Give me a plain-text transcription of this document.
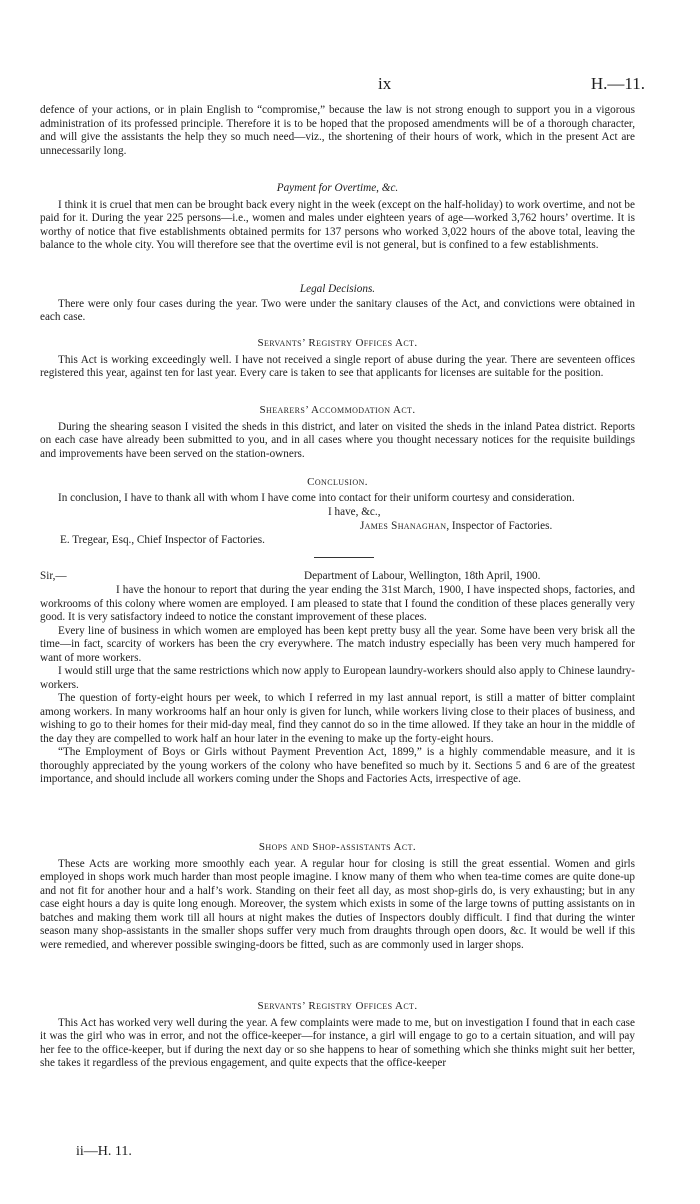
ix	H.—11.

defence of your actions, or in plain English to “compromise,” because the law is not strong enough to support you in a vigorous administration of its professed principle. Therefore it is to be hoped that the proposed amendments will be of a thorough character, and will give the assistants the help they so much need—viz., the shortening of their hours of work, which in the present Act are unnecessarily long.

Payment for Overtime, &c.

I think it is cruel that men can be brought back every night in the week (except on the half-holiday) to work overtime, and not be paid for it. During the year 225 persons—i.e., women and males under eighteen years of age—worked 3,762 hours’ overtime. It is worthy of notice that five establishments obtained permits for 137 persons who worked 3,022 hours of the above total, leaving the balance to the whole city. You will therefore see that the overtime evil is not general, but is confined to a few establishments.

Legal Decisions.

There were only four cases during the year. Two were under the sanitary clauses of the Act, and convictions were obtained in each case.

Servants’ Registry Offices Act.

This Act is working exceedingly well. I have not received a single report of abuse during the year. There are seventeen offices registered this year, against ten for last year. Every care is taken to see that applicants for licenses are suitable for the position.

Shearers’ Accommodation Act.

During the shearing season I visited the sheds in this district, and later on visited the sheds in the inland Patea district. Reports on each case have already been submitted to you, and in all cases where you thought necessary notices for the requisite buildings and improvements have been served on the station-owners.

Conclusion.

In conclusion, I have to thank all with whom I have come into contact for their uniform courtesy and consideration.

I have, &c.,

James Shanaghan, Inspector of Factories.

E. Tregear, Esq., Chief Inspector of Factories.

Sir,—	Department of Labour, Wellington, 18th April, 1900.

I have the honour to report that during the year ending the 31st March, 1900, I have inspected shops, factories, and workrooms of this colony where women are employed. I am pleased to state that I found the condition of these places generally very good. It is very satisfactory indeed to notice the constant improvement of these places.

Every line of business in which women are employed has been kept pretty busy all the year. Some have been very brisk all the time—in fact, scarcity of workers has been the cry everywhere. The match industry especially has been very much hampered for want of more workers.

I would still urge that the same restrictions which now apply to European laundry-workers should also apply to Chinese laundry-workers.

The question of forty-eight hours per week, to which I referred in my last annual report, is still a matter of bitter complaint among workers. In many workrooms half an hour only is given for lunch, while workers living close to their places of business, and wishing to go to their homes for their mid-day meal, find they cannot do so in the time allowed. If they take an hour in the middle of the day they are compelled to work half an hour later in the evening to make up the forty-eight hours.

“The Employment of Boys or Girls without Payment Prevention Act, 1899,” is a highly commendable measure, and it is thoroughly appreciated by the young workers of the colony who have benefited so much by it. Sections 5 and 6 are of the greatest importance, and should include all workers coming under the Shops and Factories Acts, irrespective of age.

Shops and Shop-assistants Act.

These Acts are working more smoothly each year. A regular hour for closing is still the great essential. Women and girls employed in shops work much harder than most people imagine. I know many of them who when tea-time comes are quite done-up and not fit for another hour and a half’s work. Standing on their feet all day, as most shop-girls do, is very exhausting; but in any case eight hours a day is quite long enough. Moreover, the system which exists in some of the large towns of putting assistants on in batches and making them work till all hours at night makes the duties of Inspectors doubly difficult. I find that during the winter season many shop-assistants in the smaller shops suffer very much from draughts through open doors, &c. It would be well if this were remedied, and wherever possible swinging-doors be fitted, such as are commonly used in larger shops.

Servants’ Registry Offices Act.

This Act has worked very well during the year. A few complaints were made to me, but on investigation I found that in each case it was the girl who was in error, and not the office-keeper—for instance, a girl will engage to go to a certain situation, and will pay her fee to the office-keeper, but if during the next day or so she happens to hear of something which she thinks might suit her better, she takes it regardless of the previous engagement, and quite expects that the office-keeper

ii—H. 11.
